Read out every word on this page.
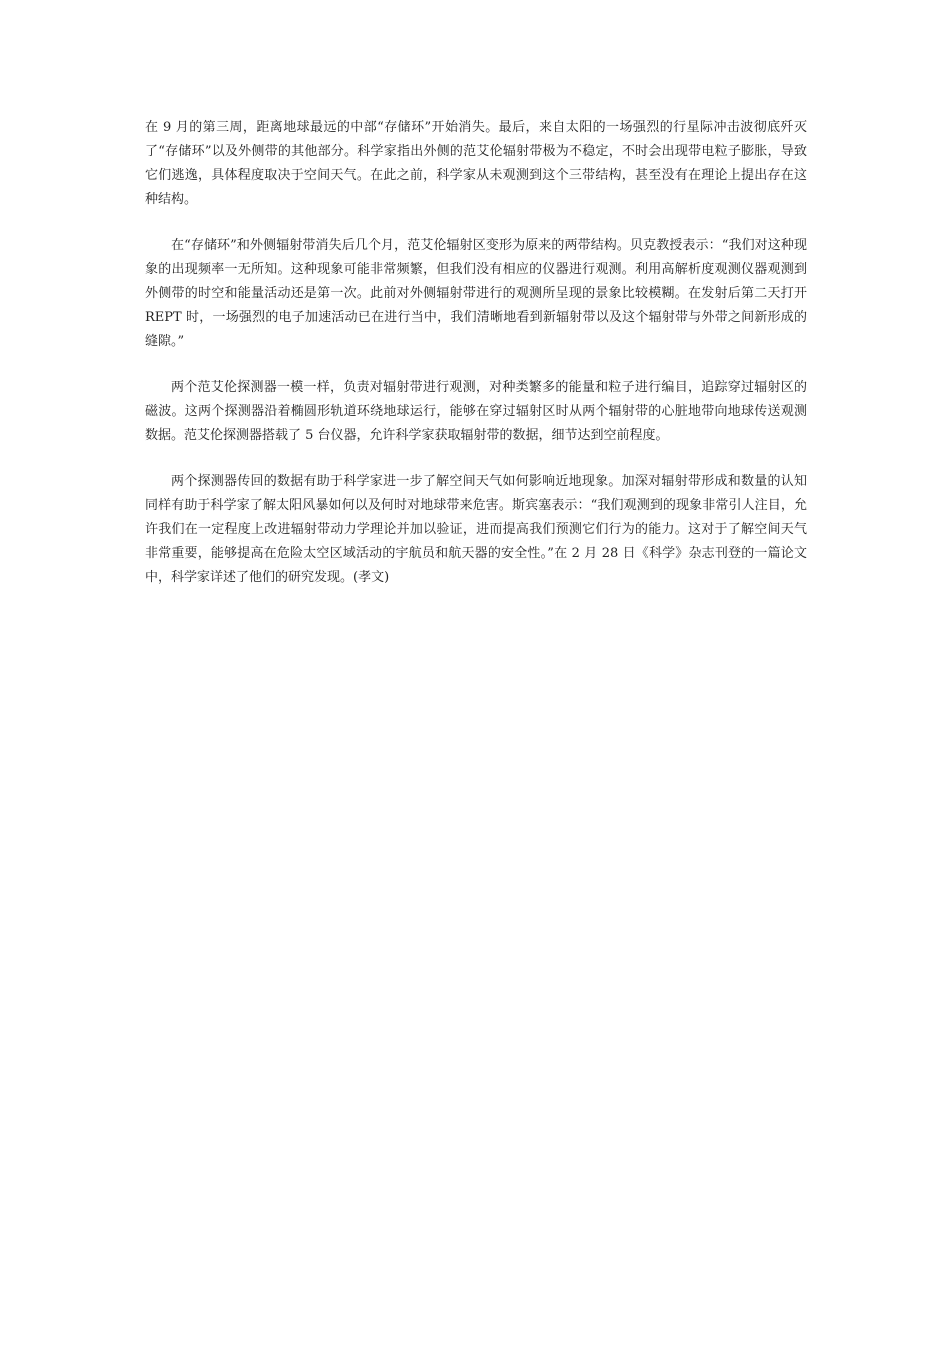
在 9 月的第三周，距离地球最远的中部“存储环”开始消失。最后，来自太阳的一场强烈的行星际冲击波彻底歼灭了“存储环”以及外侧带的其他部分。科学家指出外侧的范艾伦辐射带极为不稳定，不时会出现带电粒子膨胀，导致它们逃逸，具体程度取决于空间天气。在此之前，科学家从未观测到这个三带结构，甚至没有在理论上提出存在这种结构。

在“存储环”和外侧辐射带消失后几个月，范艾伦辐射区变形为原来的两带结构。贝克教授表示：“我们对这种现象的出现频率一无所知。这种现象可能非常频繁，但我们没有相应的仪器进行观测。利用高解析度观测仪器观测到外侧带的时空和能量活动还是第一次。此前对外侧辐射带进行的观测所呈现的景象比较模糊。在发射后第二天打开 REPT 时，一场强烈的电子加速活动已在进行当中，我们清晰地看到新辐射带以及这个辐射带与外带之间新形成的缝隙。”

两个范艾伦探测器一模一样，负责对辐射带进行观测，对种类繁多的能量和粒子进行编目，追踪穿过辐射区的磁波。这两个探测器沿着椭圆形轨道环绕地球运行，能够在穿过辐射区时从两个辐射带的心脏地带向地球传送观测数据。范艾伦探测器搭载了 5 台仪器，允许科学家获取辐射带的数据，细节达到空前程度。

两个探测器传回的数据有助于科学家进一步了解空间天气如何影响近地现象。加深对辐射带形成和数量的认知同样有助于科学家了解太阳风暴如何以及何时对地球带来危害。斯宾塞表示：“我们观测到的现象非常引人注目，允许我们在一定程度上改进辐射带动力学理论并加以验证，进而提高我们预测它们行为的能力。这对于了解空间天气非常重要，能够提高在危险太空区域活动的宇航员和航天器的安全性。”在 2 月 28 日《科学》杂志刊登的一篇论文中，科学家详述了他们的研究发现。(孝文)
